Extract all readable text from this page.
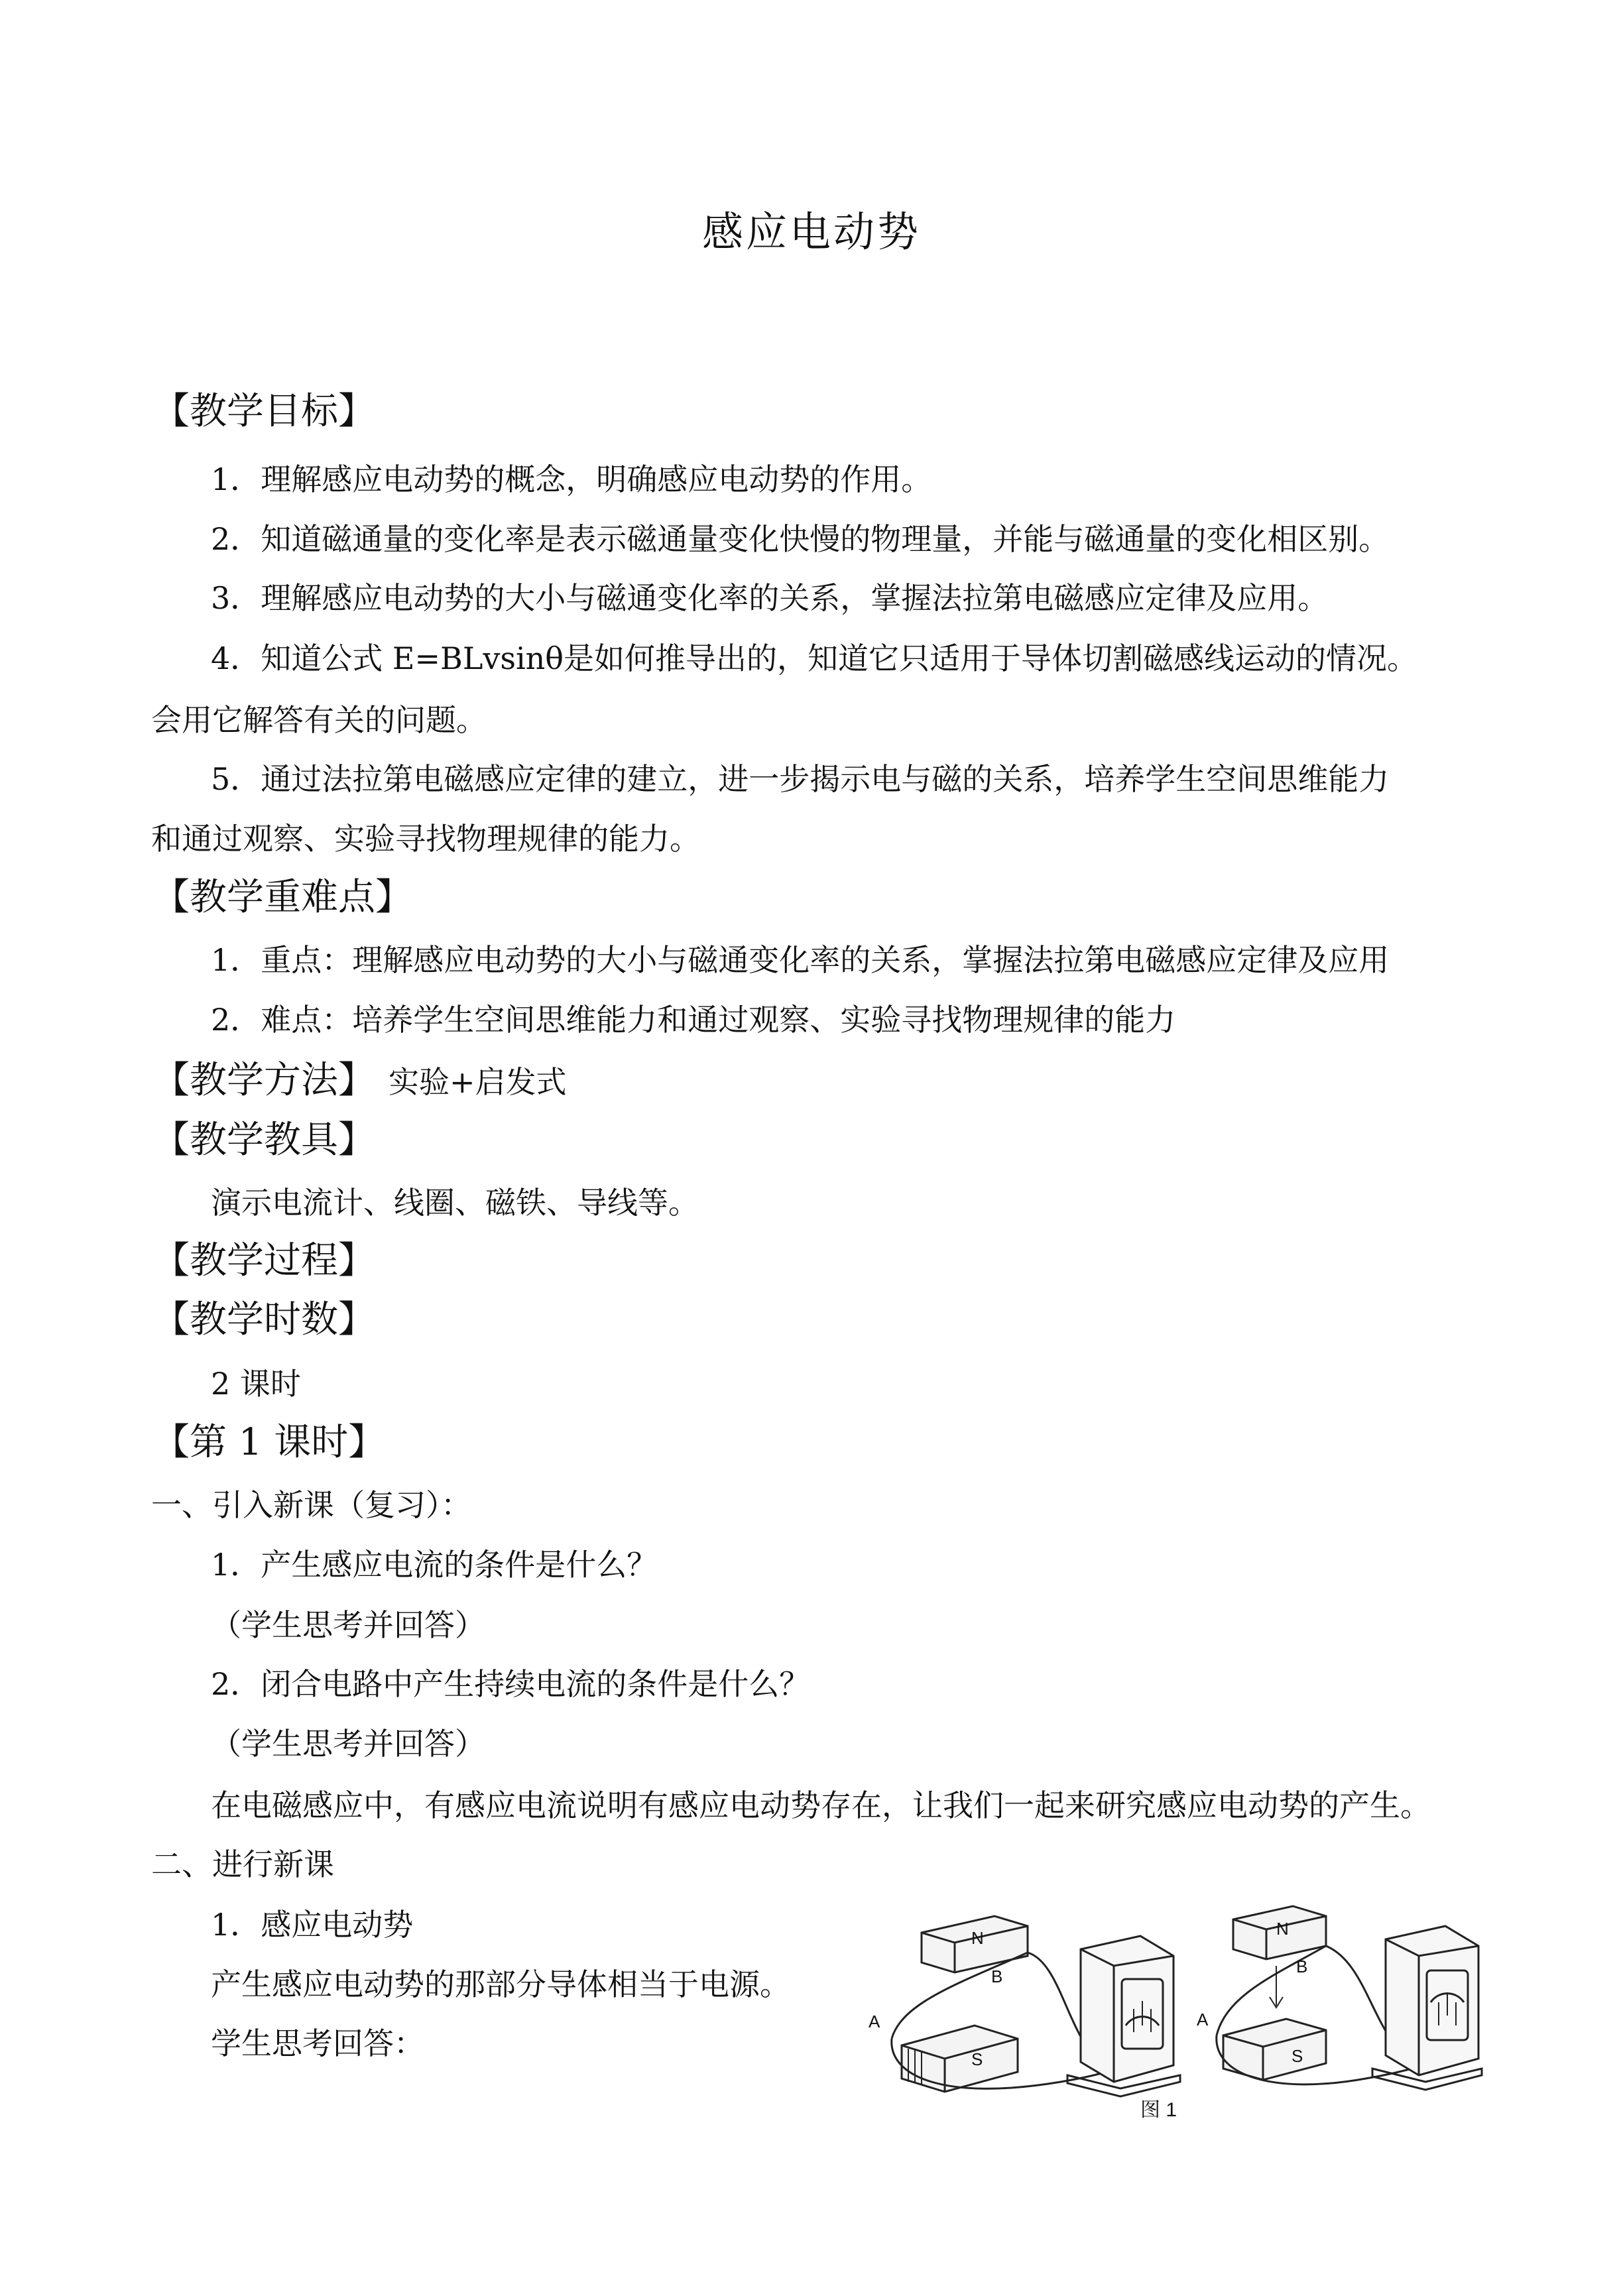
感应电动势
【教学目标】
1．理解感应电动势的概念，明确感应电动势的作用。
2．知道磁通量的变化率是表示磁通量变化快慢的物理量，并能与磁通量的变化相区别。
3．理解感应电动势的大小与磁通变化率的关系，掌握法拉第电磁感应定律及应用。
4．知道公式 E=BLvsinθ是如何推导出的，知道它只适用于导体切割磁感线运动的情况。
会用它解答有关的问题。
5．通过法拉第电磁感应定律的建立，进一步揭示电与磁的关系，培养学生空间思维能力
和通过观察、实验寻找物理规律的能力。
【教学重难点】
1．重点：理解感应电动势的大小与磁通变化率的关系，掌握法拉第电磁感应定律及应用
2．难点：培养学生空间思维能力和通过观察、实验寻找物理规律的能力
【教学方法】 实验+启发式
【教学教具】
演示电流计、线圈、磁铁、导线等。
【教学过程】
【教学时数】
2 课时
【第 1 课时】
一、引入新课（复习）：
1．产生感应电流的条件是什么？
（学生思考并回答）
2．闭合电路中产生持续电流的条件是什么？
（学生思考并回答）
在电磁感应中，有感应电流说明有感应电动势存在，让我们一起来研究感应电动势的产生。
二、进行新课
1．感应电动势
产生感应电动势的那部分导体相当于电源。
学生思考回答：
N
S
A
B
N
S
A
B
图 1
